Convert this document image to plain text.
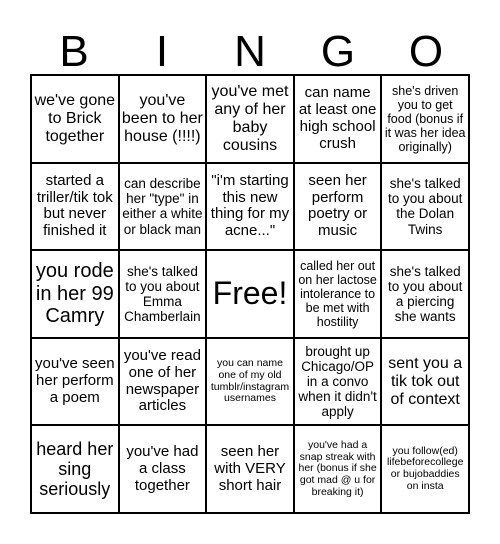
B	I	N	G	O
we've gone to Brick together
you've been to her house (!!!!)
you've met any of her baby cousins
can name at least one high school crush
she's driven you to get food (bonus if it was her idea originally)
started a triller/tik tok but never finished it
can describe her "type" in either a white or black man
"i'm starting this new thing for my acne..."
seen her perform poetry or music
she's talked to you about the Dolan Twins
you rode in her 99 Camry
she's talked to you about Emma Chamberlain
Free!
called her out on her lactose intolerance to be met with hostility
she's talked to you about a piercing she wants
you've seen her perform a poem
you've read one of her newspaper articles
you can name one of my old tumblr/instagram usernames
brought up Chicago/OP in a convo when it didn't apply
sent you a tik tok out of context
heard her sing seriously
you've had a class together
seen her with VERY short hair
you've had a snap streak with her (bonus if she got mad @ u for breaking it)
you follow(ed) lifebeforecollege or bujobaddies on insta
